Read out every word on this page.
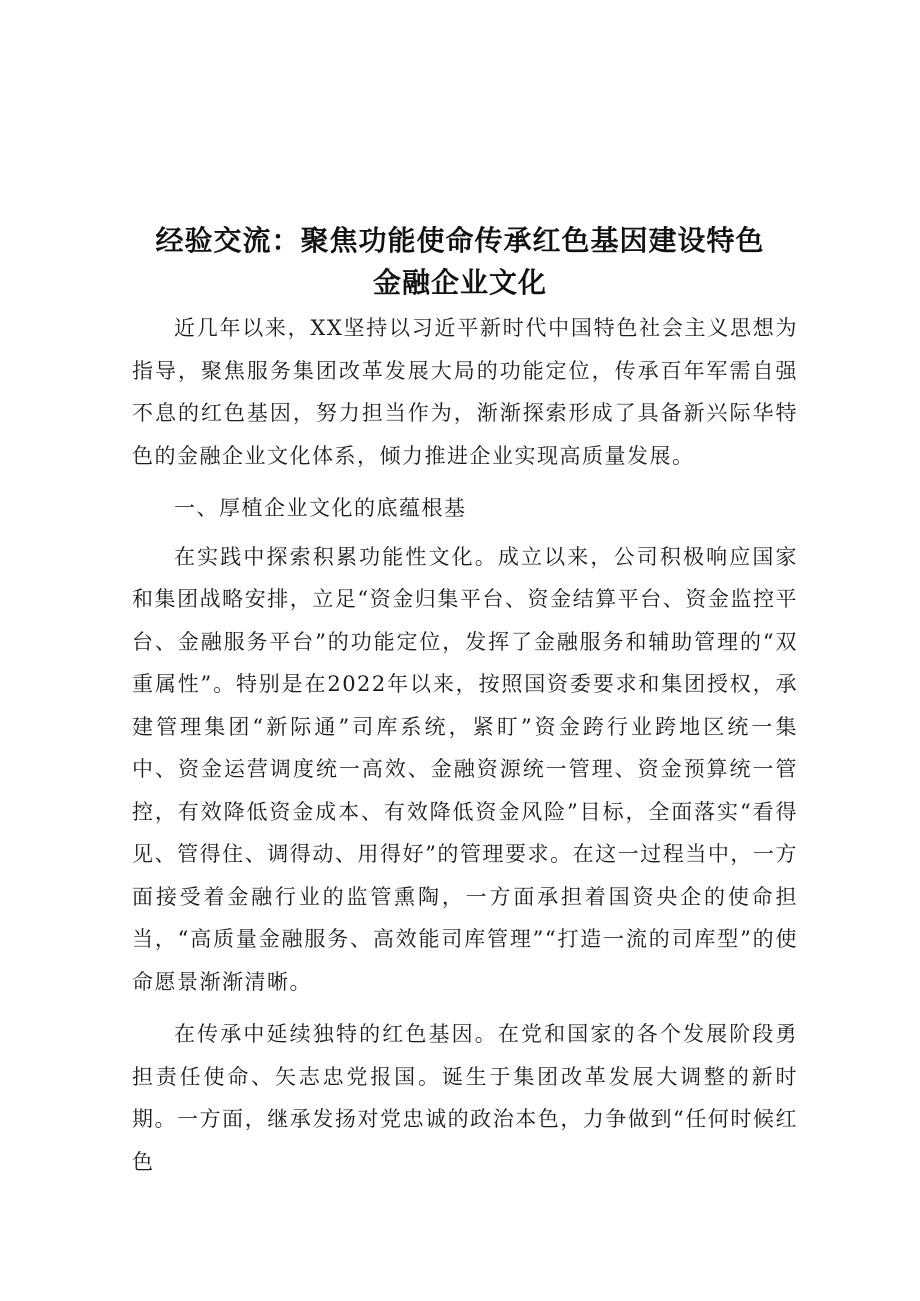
经验交流：聚焦功能使命传承红色基因建设特色金融企业文化

近几年以来，XX坚持以习近平新时代中国特色社会主义思想为指导，聚焦服务集团改革发展大局的功能定位，传承百年军需自强不息的红色基因，努力担当作为，渐渐探索形成了具备新兴际华特色的金融企业文化体系，倾力推进企业实现高质量发展。

一、厚植企业文化的底蕴根基

在实践中探索积累功能性文化。成立以来，公司积极响应国家和集团战略安排，立足“资金归集平台、资金结算平台、资金监控平台、金融服务平台”的功能定位，发挥了金融服务和辅助管理的“双重属性”。特别是在2022年以来，按照国资委要求和集团授权，承建管理集团“新际通”司库系统，紧盯”资金跨行业跨地区统一集中、资金运营调度统一高效、金融资源统一管理、资金预算统一管控，有效降低资金成本、有效降低资金风险”目标，全面落实“看得见、管得住、调得动、用得好”的管理要求。在这一过程当中，一方面接受着金融行业的监管熏陶，一方面承担着国资央企的使命担当，“高质量金融服务、高效能司库管理”“打造一流的司库型”的使命愿景渐渐清晰。

在传承中延续独特的红色基因。在党和国家的各个发展阶段勇担责任使命、矢志忠党报国。诞生于集团改革发展大调整的新时期。一方面，继承发扬对党忠诚的政治本色，力争做到“任何时候红色
